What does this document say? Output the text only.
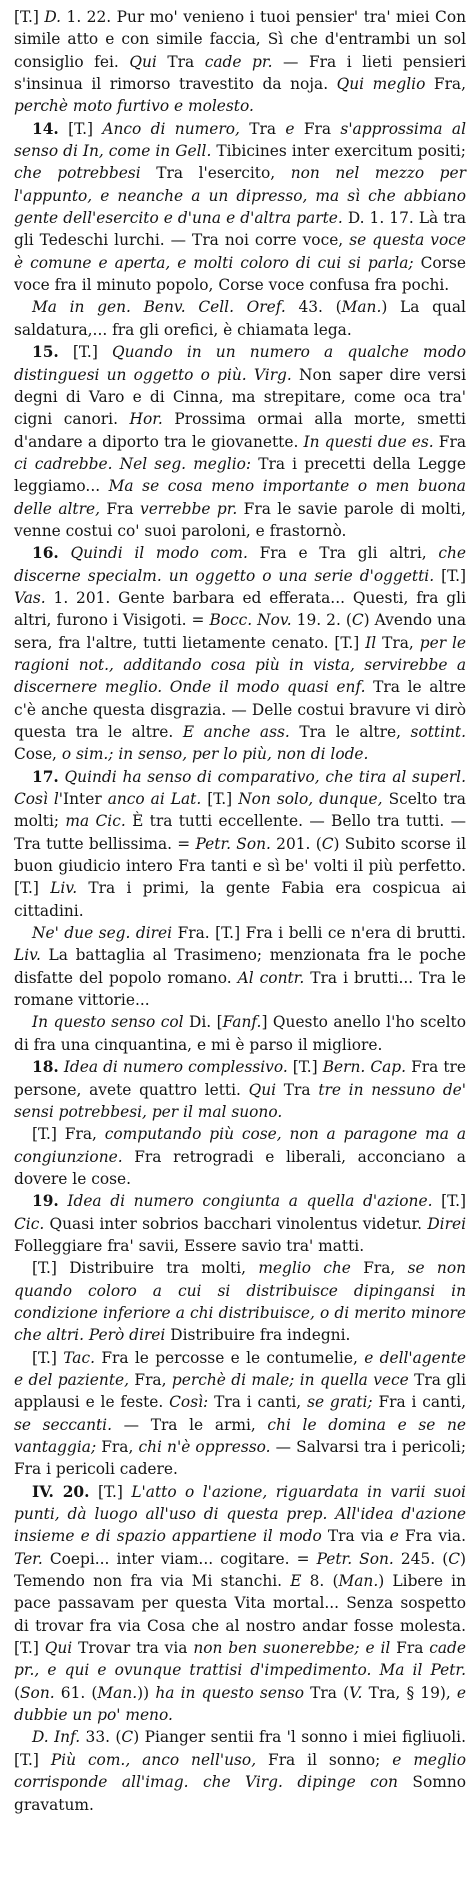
[T.] D. 1. 22. Pur mo' venieno i tuoi pensier' tra' miei Con simile atto e con simile faccia, Sì che d'entrambi un sol consiglio fei. Qui Tra cade pr. — Fra i lieti pensieri s'insinua il rimorso travestito da noja. Qui meglio Fra, perchè moto furtivo e molesto.

14. [T.] Anco di numero, Tra e Fra s'approssima al senso di In, come in Gell. Tibicines inter exercitum positi; che potrebbesi Tra l'esercito, non nel mezzo per l'appunto, e neanche a un dipresso, ma sì che abbiano gente dell'esercito e d'una e d'altra parte. D. 1. 17. Là tra gli Tedeschi lurchi. — Tra noi corre voce, se questa voce è comune e aperta, e molti coloro di cui si parla; Corse voce fra il minuto popolo, Corse voce confusa fra pochi.

Ma in gen. Benv. Cell. Oref. 43. (Man.) La qual saldatura,... fra gli orefici, è chiamata lega.

15. [T.] Quando in un numero a qualche modo distinguesi un oggetto o più. Virg. Non saper dire versi degni di Varo e di Cinna, ma strepitare, come oca tra' cigni canori. Hor. Prossima ormai alla morte, smetti d'andare a diporto tra le giovanette. In questi due es. Fra ci cadrebbe. Nel seg. meglio: Tra i precetti della Legge leggiamo... Ma se cosa meno importante o men buona delle altre, Fra verrebbe pr. Fra le savie parole di molti, venne costui co' suoi paroloni, e frastornò.

16. Quindi il modo com. Fra e Tra gli altri, che discerne specialm. un oggetto o una serie d'oggetti. [T.] Vas. 1. 201. Gente barbara ed efferata... Questi, fra gli altri, furono i Visigoti. = Bocc. Nov. 19. 2. (C) Avendo una sera, fra l'altre, tutti lietamente cenato. [T.] Il Tra, per le ragioni not., additando cosa più in vista, servirebbe a discernere meglio. Onde il modo quasi enf. Tra le altre c'è anche questa disgrazia. — Delle costui bravure vi dirò questa tra le altre. E anche ass. Tra le altre, sottint. Cose, o sim.; in senso, per lo più, non di lode.

17. Quindi ha senso di comparativo, che tira al superl. Così l'Inter anco ai Lat. [T.] Non solo, dunque, Scelto tra molti; ma Cic. È tra tutti eccellente. — Bello tra tutti. — Tra tutte bellissima. = Petr. Son. 201. (C) Subito scorse il buon giudicio intero Fra tanti e sì be' volti il più perfetto. [T.] Liv. Tra i primi, la gente Fabia era cospicua ai cittadini.

Ne' due seg. direi Fra. [T.] Fra i belli ce n'era di brutti. Liv. La battaglia al Trasimeno; menzionata fra le poche disfatte del popolo romano. Al contr. Tra i brutti... Tra le romane vittorie...

In questo senso col Di. [Fanf.] Questo anello l'ho scelto di fra una cinquantina, e mi è parso il migliore.

18. Idea di numero complessivo. [T.] Bern. Cap. Fra tre persone, avete quattro letti. Qui Tra tre in nessuno de' sensi potrebbesi, per il mal suono.

[T.] Fra, computando più cose, non a paragone ma a congiunzione. Fra retrogradi e liberali, acconciano a dovere le cose.

19. Idea di numero congiunta a quella d'azione. [T.] Cic. Quasi inter sobrios bacchari vinolentus videtur. Direi Folleggiare fra' savii, Essere savio tra' matti.

[T.] Distribuire tra molti, meglio che Fra, se non quando coloro a cui si distribuisce dipingansi in condizione inferiore a chi distribuisce, o di merito minore che altri. Però direi Distribuire fra indegni.

[T.] Tac. Fra le percosse e le contumelie, e dell'agente e del paziente, Fra, perchè di male; in quella vece Tra gli applausi e le feste. Così: Tra i canti, se grati; Fra i canti, se seccanti. — Tra le armi, chi le domina e se ne vantaggia; Fra, chi n'è oppresso. — Salvarsi tra i pericoli; Fra i pericoli cadere.

IV. 20. [T.] L'atto o l'azione, riguardata in varii suoi punti, dà luogo all'uso di questa prep. All'idea d'azione insieme e di spazio appartiene il modo Tra via e Fra via. Ter. Coepi... inter viam... cogitare. = Petr. Son. 245. (C) Temendo non fra via Mi stanchi. E 8. (Man.) Libere in pace passavam per questa Vita mortal... Senza sospetto di trovar fra via Cosa che al nostro andar fosse molesta. [T.] Qui Trovar tra via non ben suonerebbe; e il Fra cade pr., e qui e ovunque trattisi d'impedimento. Ma il Petr. (Son. 61. (Man.)) ha in questo senso Tra (V. Tra, § 19), e dubbie un po' meno.

D. Inf. 33. (C) Pianger sentii fra 'l sonno i miei figliuoli. [T.] Più com., anco nell'uso, Fra il sonno; e meglio corrisponde all'imag. che Virg. dipinge con Somno gravatum.
